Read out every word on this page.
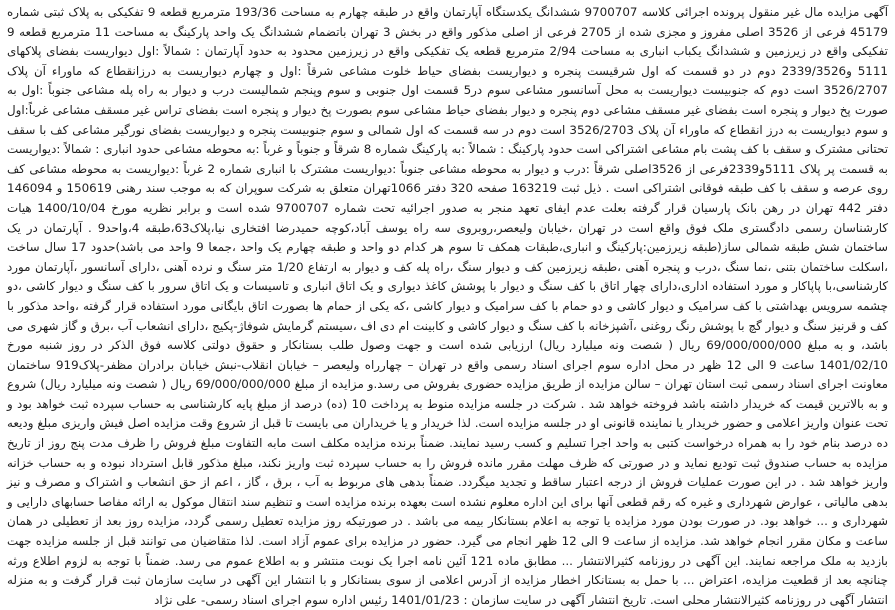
آگهی مزایده مال غیر منقول پرونده اجرائی کلاسه 9700707 ششدانگ یکدستگاه آپارتمان واقع در طبقه چهارم به مساحت 193/36 مترمربع قطعه 9 تفکیکی به پلاک ثبتی شماره 45179 فرعی از 3526 اصلی مفروز و مجزی شده از 2705 فرعی از اصلی مذکور واقع در بخش 3 تهران باتضمام ششدانگ یک واحد پارکینگ به مساحت 11 مترمربع قطعه 9 تفکیکی واقع در زیرزمین و ششدانگ یکباب انباری به مساحت 2/94 مترمربع قطعه یک تفکیکی واقع در زیرزمین محدود به حدود آپارتمان : شمالاً :اول دیواریست بفضای پلاکهای 5111 و2339/3526 دوم در دو قسمت که اول شرقیست پنجره و دیواریست بفضای حیاط خلوت مشاعی شرقاً :اول و چهارم دیواریست به درزانقطاع که ماوراء آن پلاک 3526/2707 است دوم که جنوبیست دیواریست به محل آسانسور مشاعی سوم در5 قسمت اول جنوبی و سوم وپنجم شمالیست درب و دیوار به راه پله مشاعی جنوباً :اول به صورت پخ دیوار و پنجره است بفضای غیر مسقف مشاعی دوم پنجره و دیوار بفضای حیاط مشاعی سوم بصورت پخ دیوار و پنجره است بفضای تراس غیر مسقف مشاعی غرباً:اول و سوم دیواریست به درز انقطاع که ماوراء آن پلاک 3526/2703 است دوم در سه قسمت که اول شمالی و سوم جنوبیست پنجره و دیواریست بفضای نورگیر مشاعی کف با سقف تحتانی مشترک و سقف با کف پشت بام مشاعی اشتراکی است حدود پارکینگ : شمالاً :به پارکینگ شماره 8 شرقاً و جنوباً و غرباً :به محوطه مشاعی حدود انباری : شمالاً :دیواریست به قسمت پر پلاک 5111و2339فرعی از 3526اصلی شرقاً :درب و دیوار به محوطه مشاعی جنوباً :دیواریست مشترک با انباری شماره 2 غرباً :دیواریست به محوطه مشاعی کف روی عرصه و سقف با کف طبقه فوقانی اشتراکی است . ذیل ثبت 163219 صفحه 320 دفتر 1066تهران متعلق به شرکت سوپران که به موجب سند رهنی 150619 و 146094 دفتر 442 تهران در رهن بانک پارسیان قرار گرفته بعلت عدم ایفای تعهد منجر به صدور اجرائیه تحت شماره 9700707 شده است و برابر نظریه مورخ 1400/10/04 هیات کارشناسان رسمی دادگستری ملک فوق واقع است در تهران ،خیابان ولیعصر،روبروی سه راه یوسف آباد،کوچه حمیدرضا افتخاری نیا،پلاک63،طبقه 4،واحد9 . آپارتمان در یک ساختمان شش طبقه شمالی ساز(طبقه زیرزمین:پارکینگ و انباری،طبقات همکف تا سوم هر کدام دو واحد و طبقه چهارم یک واحد ،جمعا 9 واحد می باشد)حدود 17 سال ساخت ،اسکلت ساختمان بتنی ،نما سنگ ،درب و پنجره آهنی ،طبقه زیرزمین کف و دیوار سنگ ،راه پله کف و دیوار به ارتفاع 1/20 متر سنگ و نرده آهنی ،دارای آسانسور ،آپارتمان مورد کارشناسی،با پاپاکار و مورد استفاده اداری،دارای چهار اتاق با کف سنگ و دیوار با پوشش کاغذ دیواری و یک اتاق انباری و تاسیسات و یک اتاق سرور با کف سنگ و دیوار کاشی ،دو چشمه سرویس بهداشتی با کف سرامیک و دیوار کاشی و دو حمام با کف سرامیک و دیوار کاشی ،که یکی از حمام ها بصورت اتاق بایگانی مورد استفاده قرار گرفته ،واحد مذکور با کف و قرنیز سنگ و دیوار گچ با پوشش رنگ روغنی ،آشپزخانه با کف سنگ و دیوار کاشی و کابینت ام دی اف ،سیستم گرمایش شوفاژ-پکیج ،دارای انشعاب آب ،برق و گاز شهری می باشد، و به مبلغ 69/000/000/000 ریال ( شصت ونه میلیارد ریال) ارزیابی شده است و جهت وصول طلب بستانکار و حقوق دولتی کلاسه فوق الذکر در روز شنبه مورخ 1401/02/10 ساعت 9 الی 12 ظهر در محل اداره سوم اجرای اسناد رسمی واقع در تهران – چهارراه ولیعصر – خیابان انقلاب-نبش خیابان برادران مظفر-پلاک919 ساختمان معاونت اجرای اسناد رسمی ثبت استان تهران – سالن مزایده از طریق مزایده حضوری بفروش می رسد.و مزایده از مبلغ 69/000/000/000 ریال ( شصت ونه میلیارد ریال) شروع و به بالاترین قیمت که خریدار داشته باشد فروخته خواهد شد . شرکت در جلسه مزایده منوط به پرداخت 10 (ده) درصد از مبلغ پایه کارشناسی به حساب سپرده ثبت خواهد بود و تحت عنوان واریز اعلامی و حضور خریدار یا نماینده قانونی او در جلسه مزایده است. لذا خریدار و یا خریداران می بایست تا قبل از شروع وقت مزایده اصل فیش واریزی مبلغ ودیعه ده درصد بنام خود را به همراه درخواست کتبی به واحد اجرا تسلیم و کسب رسید نمایند. ضمناً برنده مزایده مکلف است مابه التفاوت مبلغ فروش را ظرف مدت پنج روز از تاریخ مزایده به حساب صندوق ثبت تودیع نماید و در صورتی که ظرف مهلت مقرر مانده فروش را به حساب سپرده ثبت واریز نکند، مبلغ مذکور قابل استرداد نبوده و به حساب خزانه واریز خواهد شد . در این صورت عملیات فروش از درجه اعتبار ساقط و تجدید میگردد. ضمناً بدهی های مربوط به آب ، برق ، گاز ، اعم از حق انشعاب و اشتراک و مصرف و نیز بدهی مالیاتی ، عوارض شهرداری و غیره که رقم قطعی آنها برای این اداره معلوم نشده است بعهده برنده مزایده است و تنظیم سند انتقال موکول به ارائه مفاصا حسابهای دارایی و شهرداری و ... خواهد بود. در صورت بودن مورد مزایده یا توجه به اعلام بستانکار بیمه می باشد . در صورتیکه روز مزایده تعطیل رسمی گردد، مزایده روز بعد از تعطیلی در همان ساعت و مکان مقرر انجام خواهد شد. مزایده از ساعت 9 الی 12 ظهر انجام می گیرد. حضور در مزایده برای عموم آزاد است. لذا متقاضیان می توانند قبل از جلسه مزایده جهت بازدید به ملک مراجعه نمایند. این آگهی در روزنامه کثیرالانتشار ... مطابق ماده 121 آئین نامه اجرا یک نوبت منتشر و به اطلاع عموم می رسد. ضمناً با توجه به لزوم اطلاع ورثه چنانچه بعد از قطعیت مزایده، اعتراض ... با حمل به بستانکار اخطار مزایده از آدرس اعلامی از سوی بستانکار و با انتشار این آگهی در سایت سازمان ثبت قرار گرفت و به منزله انتشار آگهی در روزنامه کثیرالانتشار محلی است. تاریخ انتشار آگهی در سایت سازمان : 1401/01/23 رئیس اداره سوم اجرای اسناد رسمی- علی نژاد
